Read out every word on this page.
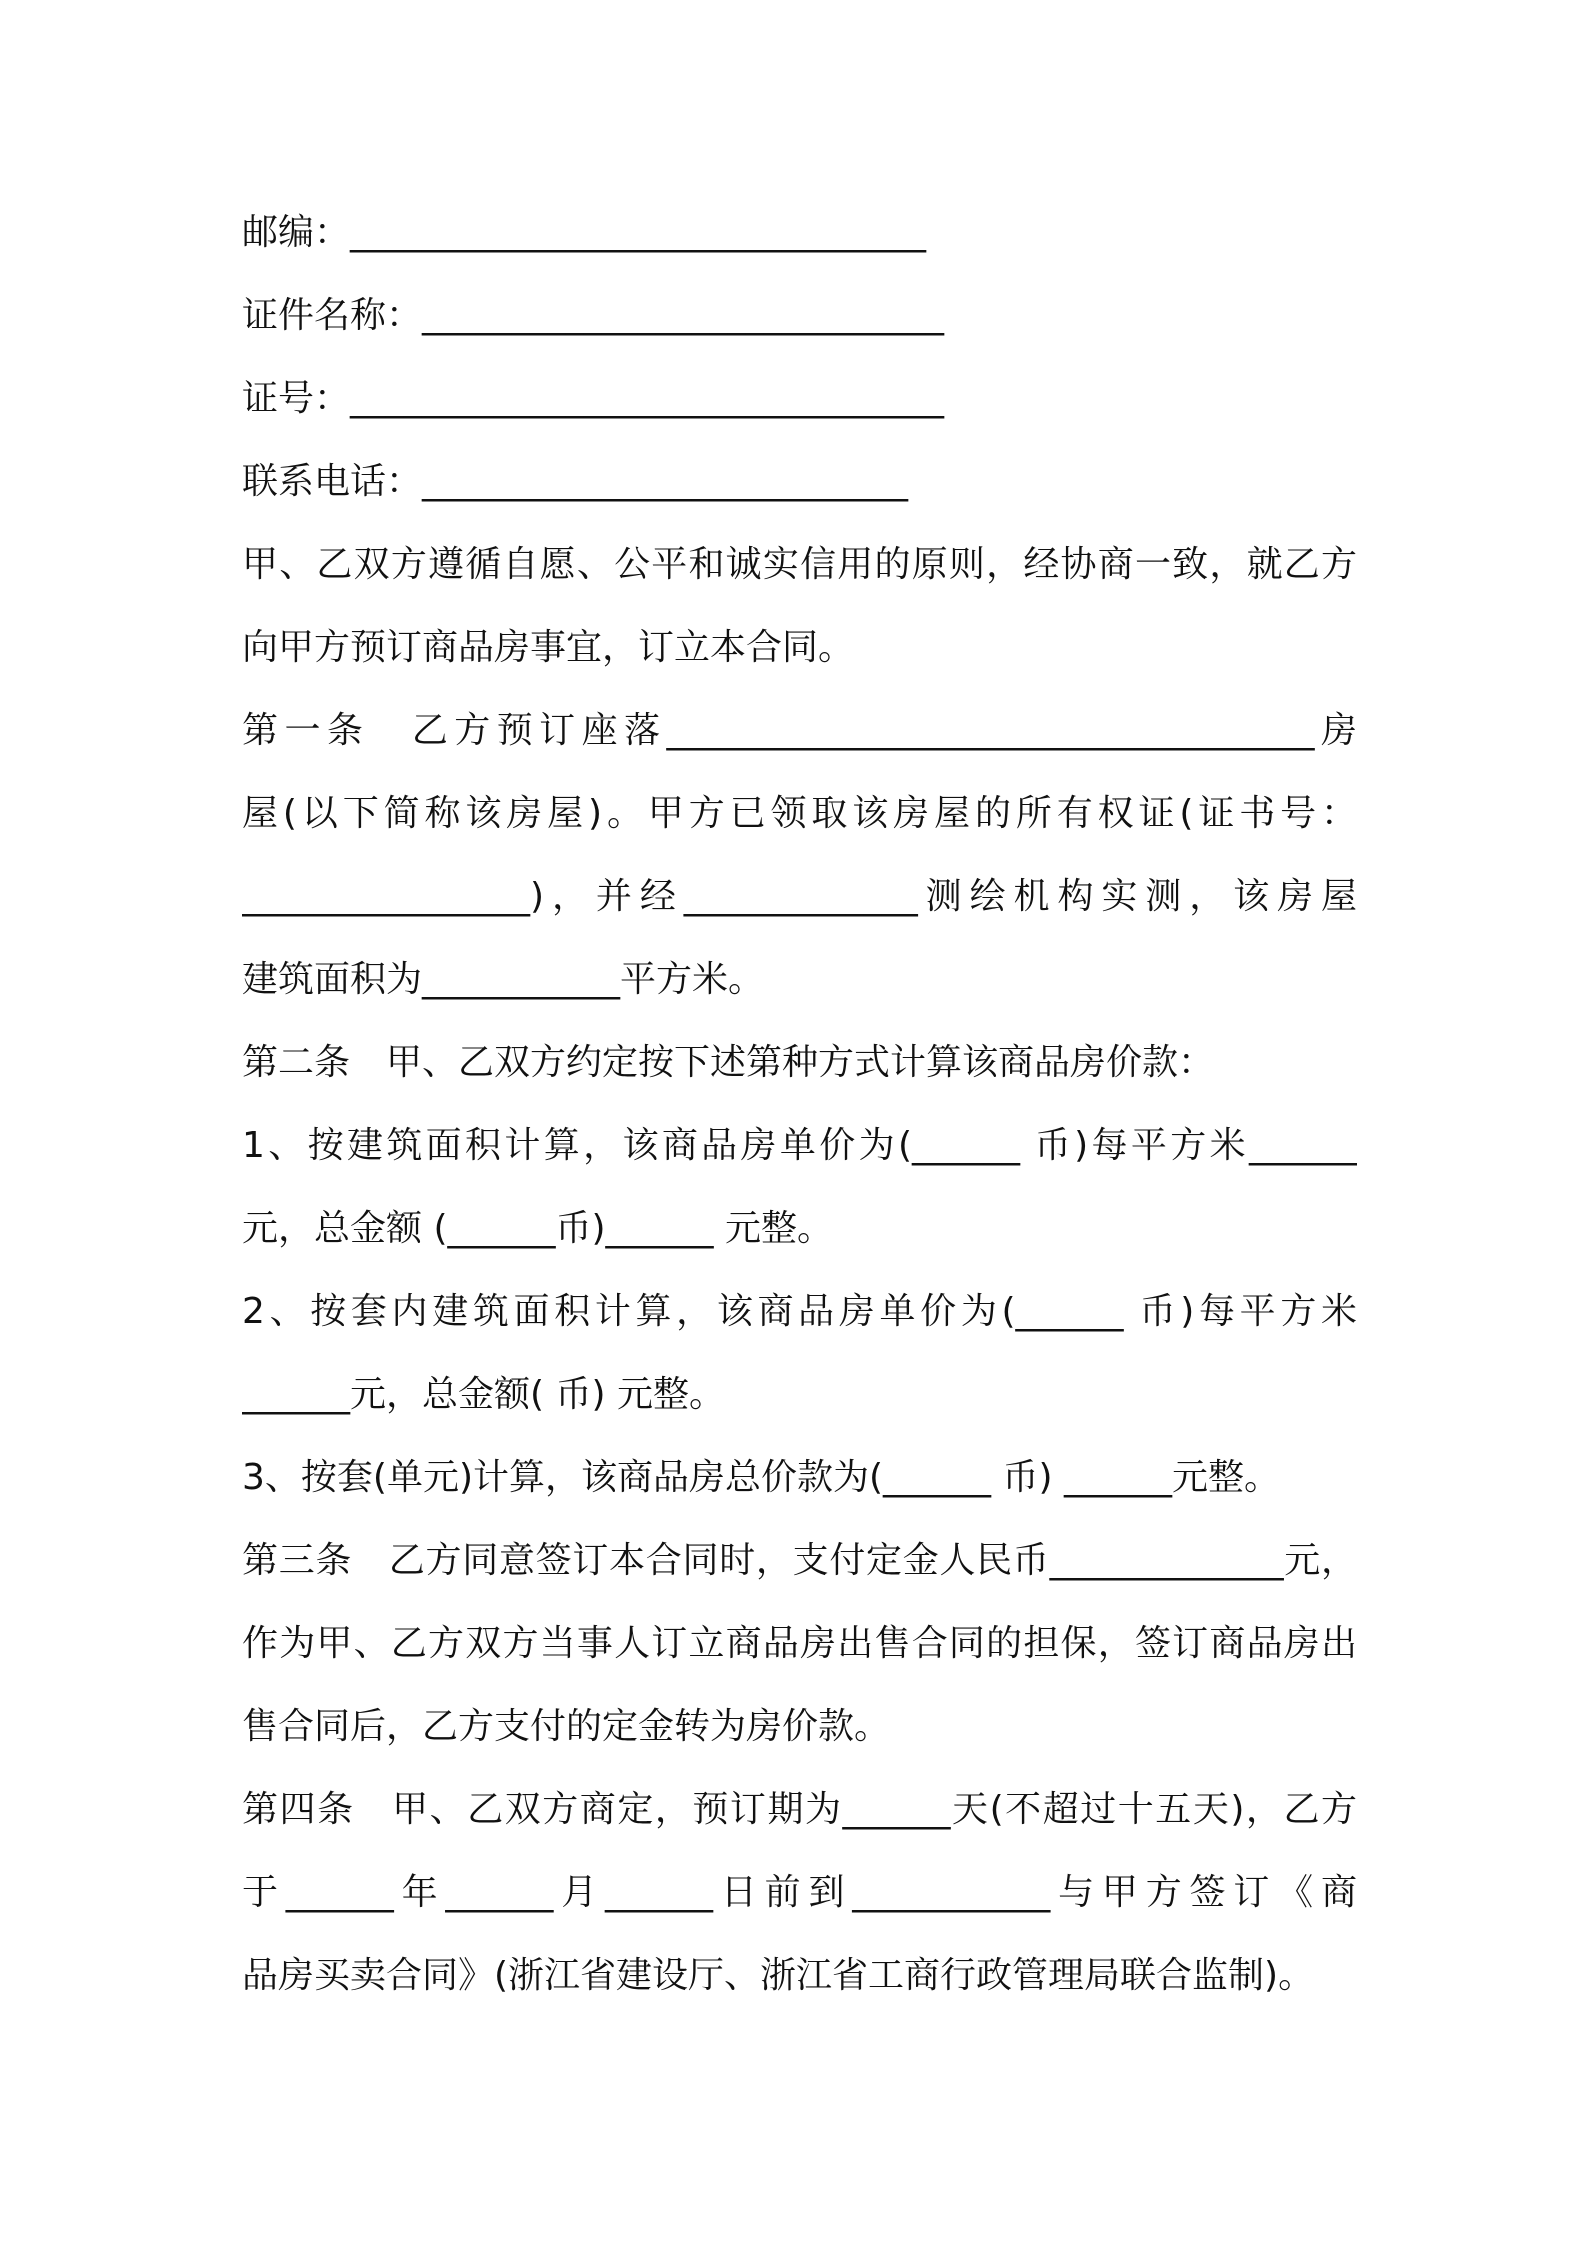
邮编：________________________________
证件名称：_____________________________
证号：_________________________________
联系电话：___________________________
甲、乙双方遵循自愿、公平和诚实信用的原则，经协商一致，就乙方
向甲方预订商品房事宜，订立本合同。
第一条　乙方预订座落____________________________________房
屋(以下简称该房屋)。甲方已领取该房屋的所有权证(证书号：
________________)，并经_____________测绘机构实测，该房屋
建筑面积为___________平方米。
第二条　甲、乙双方约定按下述第种方式计算该商品房价款：
1、按建筑面积计算，该商品房单价为(______ 币)每平方米______
元，总金额 (______币)______ 元整。
2、按套内建筑面积计算，该商品房单价为(______ 币)每平方米
______元，总金额( 币) 元整。
3、按套(单元)计算，该商品房总价款为(______ 币) ______元整。
第三条　乙方同意签订本合同时，支付定金人民币_____________元，
作为甲、乙方双方当事人订立商品房出售合同的担保，签订商品房出
售合同后，乙方支付的定金转为房价款。
第四条　甲、乙双方商定，预订期为______天(不超过十五天)，乙方
于______年______月______日前到___________与甲方签订《商
品房买卖合同》(浙江省建设厅、浙江省工商行政管理局联合监制)。
